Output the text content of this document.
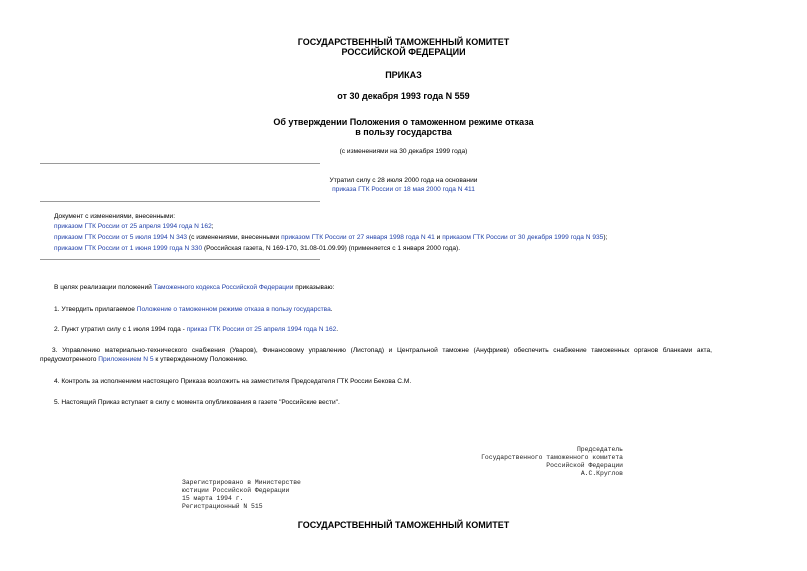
ГОСУДАРСТВЕННЫЙ ТАМОЖЕННЫЙ КОМИТЕТ
РОССИЙСКОЙ ФЕДЕРАЦИИ
ПРИКАЗ
от 30 декабря 1993 года N 559
Об утверждении Положения о таможенном режиме отказа
в пользу государства
(с изменениями на 30 декабря 1999 года)
Утратил силу с 28 июля 2000 года на основании
приказа ГТК России от 18 мая 2000 года N 411
Документ с изменениями, внесенными:
приказом ГТК России от 25 апреля 1994 года N 162;
приказом ГТК России от 5 июля 1994 N 343 (с изменениями, внесенными приказом ГТК России от 27 января 1998 года N 41 и приказом ГТК России от 30 декабря 1999 года N 935);
приказом ГТК России от 1 июня 1999 года N 330 (Российская газета, N 169-170, 31.08-01.09.99) (применяется с 1 января 2000 года).
В целях реализации положений Таможенного кодекса Российской Федерации приказываю:
1. Утвердить прилагаемое Положение о таможенном режиме отказа в пользу государства.
2. Пункт утратил силу с 1 июля 1994 года - приказ ГТК России от 25 апреля 1994 года N 162.
3. Управлению материально-технического снабжения (Уваров), Финансовому управлению (Листопад) и Центральной таможне (Ануфриев) обеспечить снабжение таможенных органов бланками акта, предусмотренного Приложением N 5 к утвержденному Положению.
4. Контроль за исполнением настоящего Приказа возложить на заместителя Председателя ГТК России Бекова С.М.
5. Настоящий Приказ вступает в силу с момента опубликования в газете "Российские вести".
Председатель
Государственного таможенного комитета
Российской Федерации
А.С.Круглов
Зарегистрировано в Министерстве
юстиции Российской Федерации
15 марта 1994 г.
Регистрационный N 515
ГОСУДАРСТВЕННЫЙ ТАМОЖЕННЫЙ КОМИТЕТ
